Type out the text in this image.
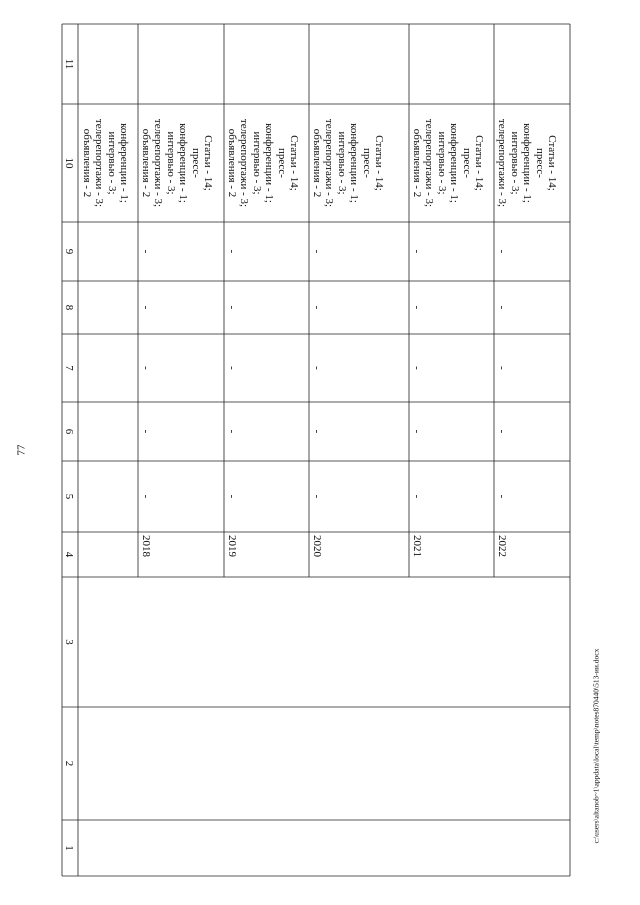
77
11
10
9
8
7
6
5
4
3
2
1
конференции - 1;
интервью - 3;
телерепортажи - 3;
объявления - 2
2018
-
-
-
-
-
Статьи - 14;
пресс-
конференции - 1;
интервью - 3;
телерепортажи - 3;
объявления - 2
2019
-
-
-
-
-
Статьи - 14;
пресс-
конференции - 1;
интервью - 3;
телерепортажи - 3;
объявления - 2
2020
-
-
-
-
-
Статьи - 14;
пресс-
конференции - 1;
интервью - 3;
телерепортажи - 3;
объявления - 2
2021
-
-
-
-
-
Статьи - 14;
пресс-
конференции - 1;
интервью - 3;
телерепортажи - 3;
объявления - 2
2022
-
-
-
-
-
Статьи - 14;
пресс-
конференции - 1;
интервью - 3;
телерепортажи - 3;
c:\users\altanob~1\appdata\local\temp\notes870440\513-ии.docx
